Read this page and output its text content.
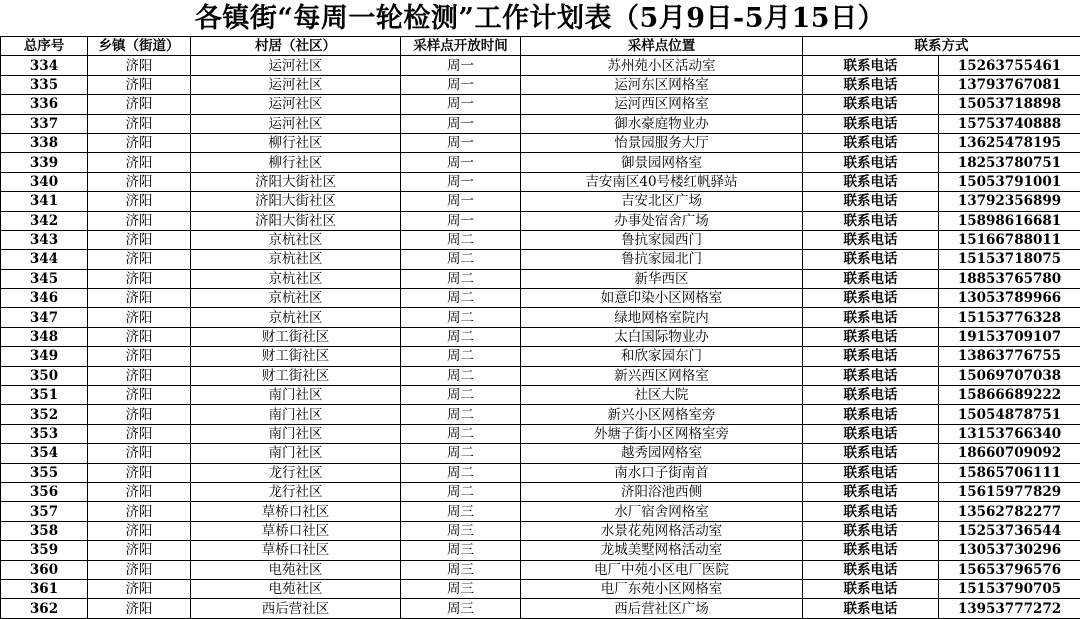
各镇街“每周一轮检测”工作计划表（5月9日-5月15日）
总序号	乡镇（街道）	村居（社区）	采样点开放时间	采样点位置	联系方式	
334	济阳	运河社区	周一	苏州苑小区活动室	联系电话	15263755461
335	济阳	运河社区	周一	运河东区网格室	联系电话	13793767081
336	济阳	运河社区	周一	运河西区网格室	联系电话	15053718898
337	济阳	运河社区	周一	御水豪庭物业办	联系电话	15753740888
338	济阳	柳行社区	周一	怡景园服务大厅	联系电话	13625478195
339	济阳	柳行社区	周一	御景园网格室	联系电话	18253780751
340	济阳	济阳大街社区	周一	吉安南区40号楼红帆驿站	联系电话	15053791001
341	济阳	济阳大街社区	周一	吉安北区广场	联系电话	13792356899
342	济阳	济阳大街社区	周一	办事处宿舍广场	联系电话	15898616681
343	济阳	京杭社区	周二	鲁抗家园西门	联系电话	15166788011
344	济阳	京杭社区	周二	鲁抗家园北门	联系电话	15153718075
345	济阳	京杭社区	周二	新华西区	联系电话	18853765780
346	济阳	京杭社区	周二	如意印染小区网格室	联系电话	13053789966
347	济阳	京杭社区	周二	绿地网格室院内	联系电话	15153776328
348	济阳	财工街社区	周二	太白国际物业办	联系电话	19153709107
349	济阳	财工街社区	周二	和欣家园东门	联系电话	13863776755
350	济阳	财工街社区	周二	新兴西区网格室	联系电话	15069707038
351	济阳	南门社区	周二	社区大院	联系电话	15866689222
352	济阳	南门社区	周二	新兴小区网格室旁	联系电话	15054878751
353	济阳	南门社区	周二	外塘子街小区网格室旁	联系电话	13153766340
354	济阳	南门社区	周二	越秀园网格室	联系电话	18660709092
355	济阳	龙行社区	周二	南水口子街南首	联系电话	15865706111
356	济阳	龙行社区	周二	济阳浴池西侧	联系电话	15615977829
357	济阳	草桥口社区	周三	水厂宿舍网格室	联系电话	13562782277
358	济阳	草桥口社区	周三	水景花苑网格活动室	联系电话	15253736544
359	济阳	草桥口社区	周三	龙城美墅网格活动室	联系电话	13053730296
360	济阳	电苑社区	周三	电厂中苑小区电厂医院	联系电话	15653796576
361	济阳	电苑社区	周三	电厂东苑小区网格室	联系电话	15153790705
362	济阳	西后营社区	周三	西后营社区广场	联系电话	13953777272
